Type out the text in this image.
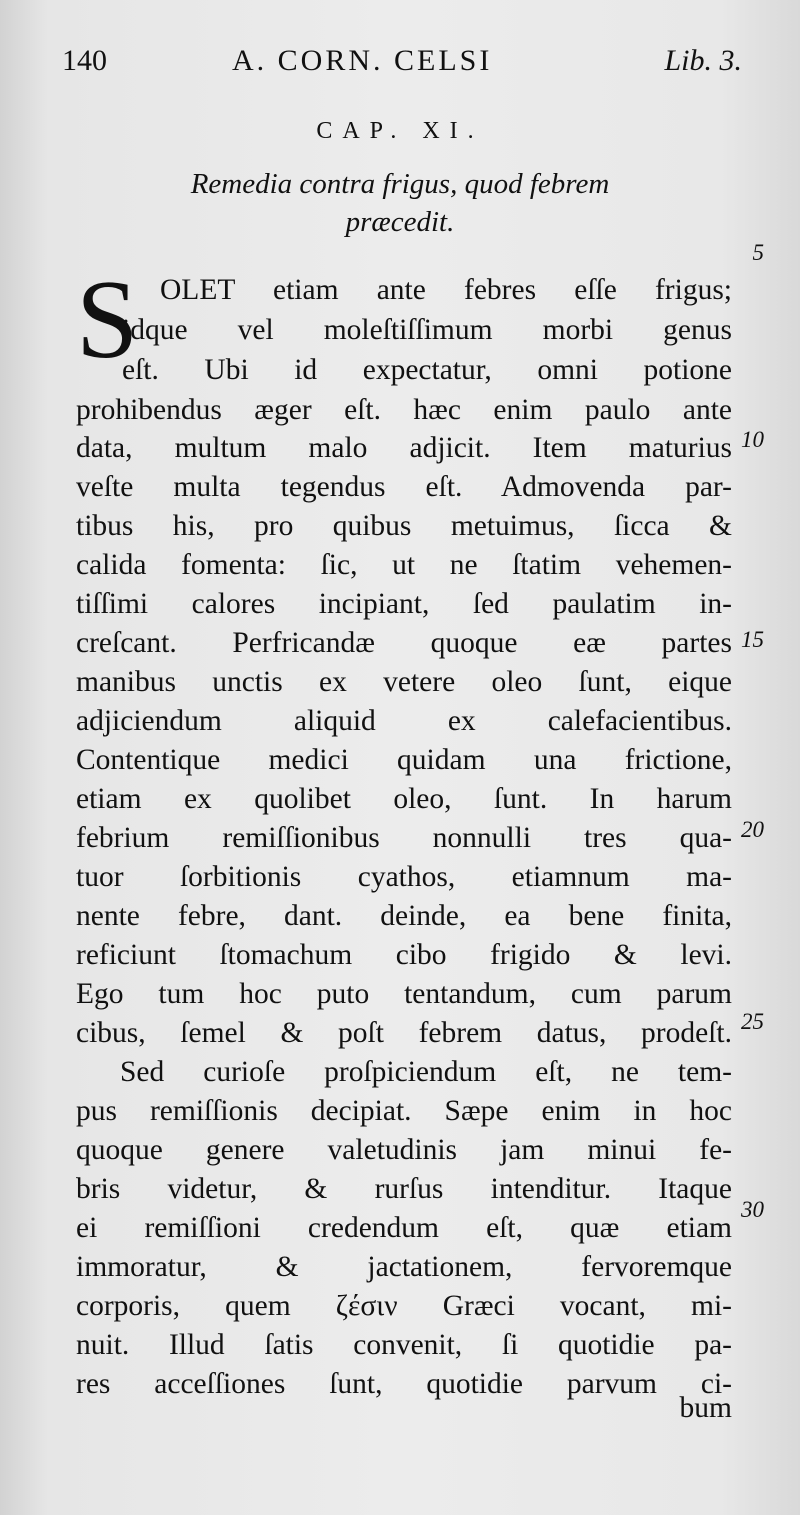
140	A. CORN. CELSI	Lib. 3.
CAP. XI.
Remedia contra frigus, quod febrem
præcedit.
5
10
15
20
25
30
S OLET etiam ante febres eſſe frigus;
idque vel moleſtiſſimum morbi genus
eſt. Ubi id expectatur, omni potione
prohibendus æger eſt. hæc enim paulo ante
data, multum malo adjicit. Item maturius
veſte multa tegendus eſt. Admovenda par-
tibus his, pro quibus metuimus, ſicca &
calida fomenta: ſic, ut ne ſtatim vehemen-
tiſſimi calores incipiant, ſed paulatim in-
creſcant. Perfricandæ quoque eæ partes
manibus unctis ex vetere oleo ſunt, eique
adjiciendum aliquid ex calefacientibus.
Contentique medici quidam una frictione,
etiam ex quolibet oleo, ſunt. In harum
febrium remiſſionibus nonnulli tres qua-
tuor ſorbitionis cyathos, etiamnum ma-
nente febre, dant. deinde, ea bene finita,
reficiunt ſtomachum cibo frigido & levi.
Ego tum hoc puto tentandum, cum parum
cibus, ſemel & poſt febrem datus, prodeſt.
Sed curioſe proſpiciendum eſt, ne tem-
pus remiſſionis decipiat. Sæpe enim in hoc
quoque genere valetudinis jam minui fe-
bris videtur, & rurſus intenditur. Itaque
ei remiſſioni credendum eſt, quæ etiam
immoratur, & jactationem, fervoremque
corporis, quem ζέσιν Græci vocant, mi-
nuit. Illud ſatis convenit, ſi quotidie pa-
res acceſſiones ſunt, quotidie parvum ci-
bum
